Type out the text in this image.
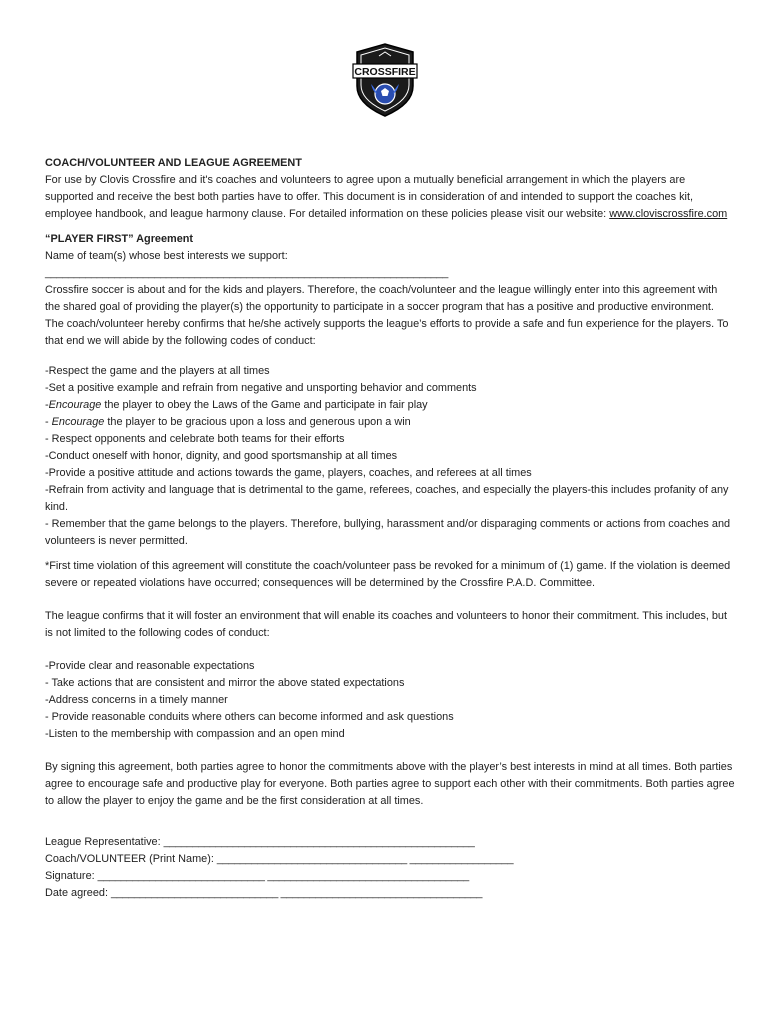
CROSSFIRE

COACH/VOLUNTEER AND LEAGUE AGREEMENT

For use by Clovis Crossfire and it's coaches and volunteers to agree upon a mutually beneficial arrangement in which the players are supported and receive the best both parties have to offer. This document is in consideration of and intended to support the coaches kit, employee handbook, and league harmony clause. For detailed information on these policies please visit our website: www.cloviscrossfire.com

“PLAYER FIRST” Agreement

Name of team(s) whose best interests we support:

______________________________________________________________________

Crossfire soccer is about and for the kids and players. Therefore, the coach/volunteer and the league willingly enter into this agreement with the shared goal of providing the player(s) the opportunity to participate in a soccer program that has a positive and productive environment.

The coach/volunteer hereby confirms that he/she actively supports the league’s efforts to provide a safe and fun experience for the players. To that end we will abide by the following codes of conduct:

-Respect the game and the players at all times

-Set a positive example and refrain from negative and unsporting behavior and comments

-Encourage the player to obey the Laws of the Game and participate in fair play

- Encourage the player to be gracious upon a loss and generous upon a win

- Respect opponents and celebrate both teams for their efforts

-Conduct oneself with honor, dignity, and good sportsmanship at all times

-Provide a positive attitude and actions towards the game, players, coaches, and referees at all times

-Refrain from activity and language that is detrimental to the game, referees, coaches, and especially the players-this includes profanity of any kind.

- Remember that the game belongs to the players. Therefore, bullying, harassment and/or disparaging comments or actions from coaches and volunteers is never permitted.

*First time violation of this agreement will constitute the coach/volunteer pass be revoked for a minimum of (1) game. If the violation is deemed severe or repeated violations have occurred; consequences will be determined by the Crossfire P.A.D. Committee.

The league confirms that it will foster an environment that will enable its coaches and volunteers to honor their commitment. This includes, but is not limited to the following codes of conduct:

-Provide clear and reasonable expectations

- Take actions that are consistent and mirror the above stated expectations

-Address concerns in a timely manner

- Provide reasonable conduits where others can become informed and ask questions

-Listen to the membership with compassion and an open mind

By signing this agreement, both parties agree to honor the commitments above with the player’s best interests in mind at all times. Both parties agree to encourage safe and productive play for everyone. Both parties agree to support each other with their commitments. Both parties agree to allow the player to enjoy the game and be the first consideration at all times.

League Representative: ______________________________________________________

Coach/VOLUNTEER (Print Name): _________________________________ __________________

Signature: _____________________________ ___________________________________

Date agreed: _____________________________ ___________________________________
